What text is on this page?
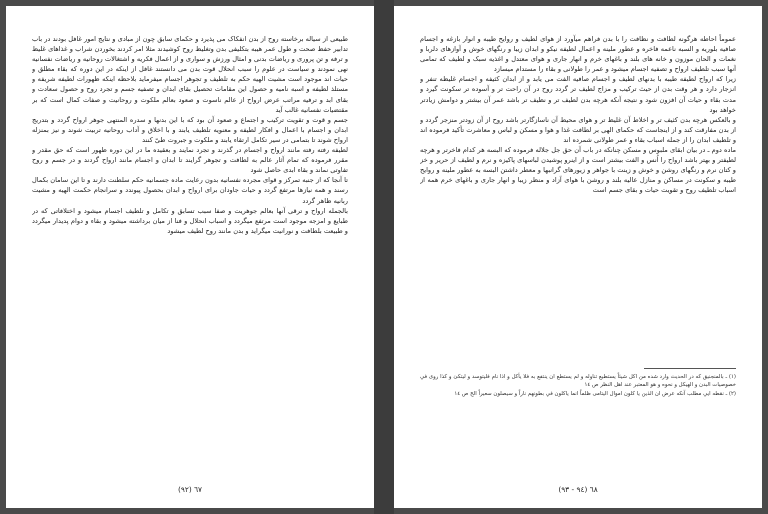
طبیعی از سیاله برخاسته روح از بدن انفکاک می پذیرد و حکمای سابق چون از مبادی و نتایج امور غافل بودند در باب تدابیر حفظ صحت و طول عمر هیبه بتکلیفی بدن وتغلیظ روح کوشیدند مثلا امر کردند بخوردن شراب و غذاهای غلیظ و ترفه و تن پروری و ریاضات بدنی و امثال ورزش و سواری و از اعمال فکریه و اشتغالات روحانیه و ریاضات نفسانیه نهی نمودند و سیاست در علوم را سبب انحلال قوت بدن می دانستند غافل از اینکه در این دوره که بقاء مطلق و حیات اند موجود است مشیت الهیه حکم به تلطیف و تجوهر اجسام میفرماید بلاحظه اینکه ظهورات لطیفه شریفه و مستلذ لطیفه و اسبه نامیه و حصول این مقامات تحصیل بقای ابدان و تصفیه جسم و تجرد روح و حصول سعادت و بقای ابد و ترفیه مراتب عرض ارواح از عالم ناسوت و صعود بعالم ملکوت و روحانیت و صفات کمال است که بر مقتضیات نفسانیه غالب آید

جسم و قوت و تقویت ترکیب و اجتماع و صعود آن بود که با این بدنها و سدره المنتهی جوهر ارواح گردد و بتدریج ابدان و اجسام با اعمال و افکار لطیفه و معنویه تلطیف یابند و با اخلاق و آداب روحانیه تربیت شوند و نیز بمنزله ارواح شوند تا بتمامی در سیر تکامل ارتقاء یابند و ملکوت و جبروت طیّ کنند

لطیفه رفته رفته مانند ارواح و اجسام در گذرند و تجرد نمایند و بعقیده ما در این دوره ظهور است که حق مقدر و مقرر فرموده که تمام آثار عالم به لطافت و تجوهر گرایند تا ابدان و اجسام مانند ارواح گردند و در جسم و روح تفاوتی نماند و بقاء ابدی حاصل شود

تا آنجا که از جنبه تمرکز و قوای مجرده نفسانیه بدون رعایت ماده جسمانیه حکم سلطنت دارند و تا این سامان بکمال رسند و همه نیازها مرتفع گردد و حیات جاودان برای ارواح و ابدان بحصول پیوندد و سرانجام حکمت الهیه و مشیت ربانیه ظاهر گردد

بالجمله ارواح و ترقی آنها بعالم جوهریت و صفا سبب تسابق و تکامل و تلطیف اجسام میشود و اختلافاتی که در طبایع و امزجه موجود است مرتفع میگردد و اسباب انحلال و فنا از میان برداشته میشود و بقاء و دوام پدیدار میگردد و طبیعت بلطافت و نورانیت میگراید و بدن مانند روح لطیف میشود

(٩٢) ٦٧

عموماً احاطه هرگونه لطافت و نظافت را با بدن فراهم میآورد از هوای لطیف و روایح طیبه و انوار بازغه و اجسام صافیه بلوریه و السبه ناعمه فاخره و عطور ملینه و اعمال لطیفه نیکو و ابدان زیبا و رنگهای خوش و آوازهای دلربا و نغمات و الحان موزون و خانه های بلند و باغهای خرم و انهار جاری و هوای معتدل و اغذیه سبک و لطیف که تمامی آنها سبب تلطیف ارواح و تصفیه اجسام میشود و عمر را طولانی و بقاء را مستدام میسازد

زیرا که ارواح لطیفه طیبه با بدنهای لطیف و اجسام صافیه الفت می یابد و از ابدان کثیفه و اجسام غلیظه تنفر و انزجار دارد و هر وقت بدن از حیث ترکیب و مزاج لطیف تر گردد روح در آن راحت تر و آسوده تر سکونت گیرد و مدت بقاء و حیات آن افزون شود و نتیجه آنکه هرچه بدن لطیف تر و نظیف تر باشد عمر آن بیشتر و دوامش زیادتر خواهد بود

و بالعکس هرچه بدن کثیف تر و اخلاط آن غلیظ تر و هوای محیط آن ناسازگارتر باشد روح از آن زودتر منزجر گردد و از بدن مفارقت کند و از اینجاست که حکمای الهی بر لطافت غذا و هوا و مسکن و لباس و معاشرت تأکید فرموده اند و تلطیف ابدان را از جمله اسباب بقاء و عمر طولانی شمرده اند

ماده دوم ـ در بیان ابقای ملبوس و مسکن چنانکه در باب آن حق جل جلاله فرموده که البسه هر کدام فاخرتر و هرچه لطیفتر و بهتر باشد ارواح را اُنس و الفت بیشتر است و از اینرو پوشیدن لباسهای پاکیزه و نرم و لطیف از حریر و خز و کتان نرم و رنگهای روشن و خوش و زینت با جواهر و زیورهای گرانبها و معطر داشتن البسه به عطور ملینه و روایح طیبه و سکونت در مساکن و منازل عالیه بلند و روشن با هوای آزاد و منظر زیبا و انهار جاری و باغهای خرم همه از اسباب تلطیف روح و تقویت حیات و بقای جسم است

(١) ـ بالمنجنیق که در الحدیث وارد شده من اکل شیئاً یستطیع تناوله و لم یستطع ان ینتفع به فلا یأکل و اذا نام فلیتوسد و لیتکئ و کذا روی في خصوصیات البدن و الهیکل و نحوه و هو المعتبر عند اهل النظر ص ١٤

(٢) ـ نقطه ایي مطلب آنکه عرض ان الذین یا کلون اموال الیتامی ظلماً انما یاکلون في بطونهم ناراً و سیصلون سعیراً الخ ص ١٤

٦٨ (٩٤ - ٩٣)
